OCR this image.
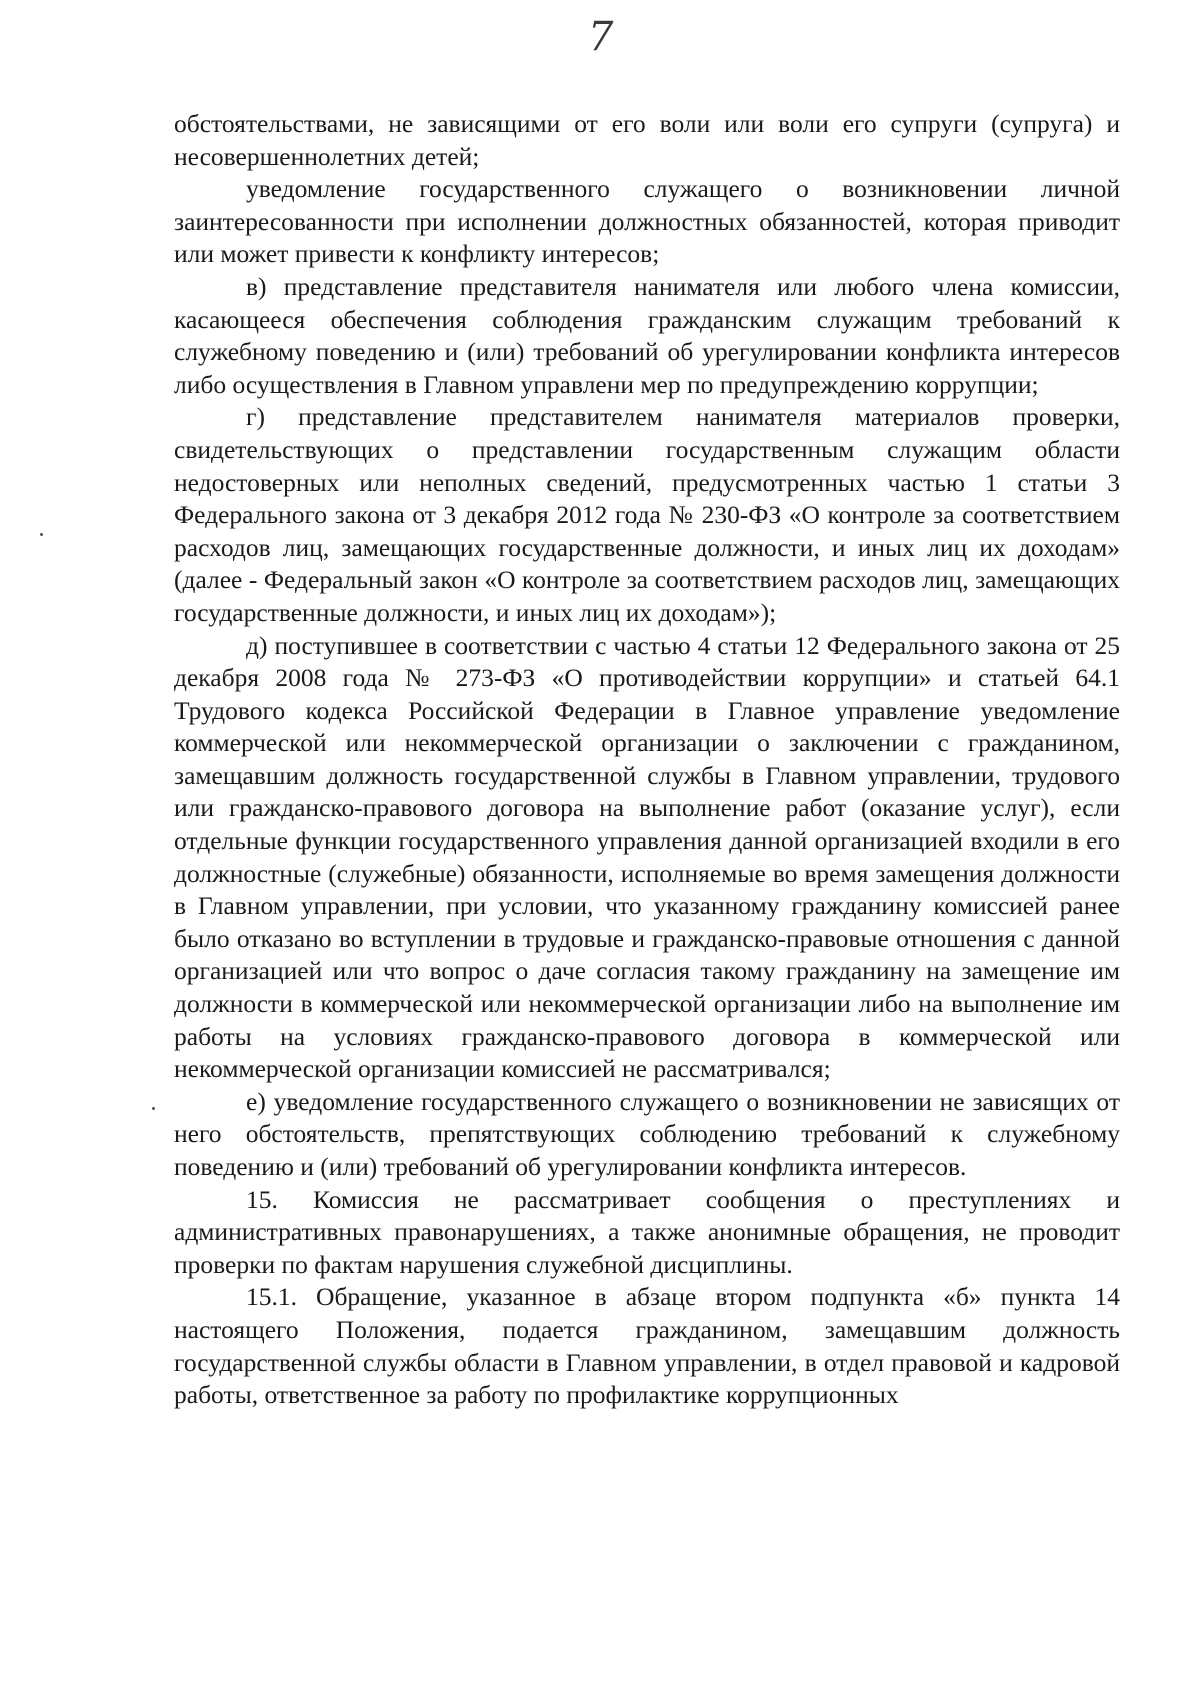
7

обстоятельствами, не зависящими от его воли или воли его супруги (супруга) и несовершеннолетних детей;

уведомление государственного служащего о возникновении личной заинтересованности при исполнении должностных обязанностей, которая приводит или может привести к конфликту интересов;

в) представление представителя нанимателя или любого члена комиссии, касающееся обеспечения соблюдения гражданским служащим требований к служебному поведению и (или) требований об урегулировании конфликта интересов либо осуществления в Главном управлени мер по предупреждению коррупции;

г) представление представителем нанимателя материалов проверки, свидетельствующих о представлении государственным служащим области недостоверных или неполных сведений, предусмотренных частью 1 статьи 3 Федерального закона от 3 декабря 2012 года № 230-ФЗ «О контроле за соответствием расходов лиц, замещающих государственные должности, и иных лиц их доходам» (далее - Федеральный закон «О контроле за соответствием расходов лиц, замещающих государственные должности, и иных лиц их доходам»);

д) поступившее в соответствии с частью 4 статьи 12 Федерального закона от 25 декабря 2008 года № 273-ФЗ «О противодействии коррупции» и статьей 64.1 Трудового кодекса Российской Федерации в Главное управление уведомление коммерческой или некоммерческой организации о заключении с гражданином, замещавшим должность государственной службы в Главном управлении, трудового или гражданско-правового договора на выполнение работ (оказание услуг), если отдельные функции государственного управления данной организацией входили в его должностные (служебные) обязанности, исполняемые во время замещения должности в Главном управлении, при условии, что указанному гражданину комиссией ранее было отказано во вступлении в трудовые и гражданско-правовые отношения с данной организацией или что вопрос о даче согласия такому гражданину на замещение им должности в коммерческой или некоммерческой организации либо на выполнение им работы на условиях гражданско-правового договора в коммерческой или некоммерческой организации комиссией не рассматривался;

е) уведомление государственного служащего о возникновении не зависящих от него обстоятельств, препятствующих соблюдению требований к служебному поведению и (или) требований об урегулировании конфликта интересов.

15. Комиссия не рассматривает сообщения о преступлениях и административных правонарушениях, а также анонимные обращения, не проводит проверки по фактам нарушения служебной дисциплины.

15.1. Обращение, указанное в абзаце втором подпункта «б» пункта 14 настоящего Положения, подается гражданином, замещавшим должность государственной службы области в Главном управлении, в отдел правовой и кадровой работы, ответственное за работу по профилактике коррупционных
